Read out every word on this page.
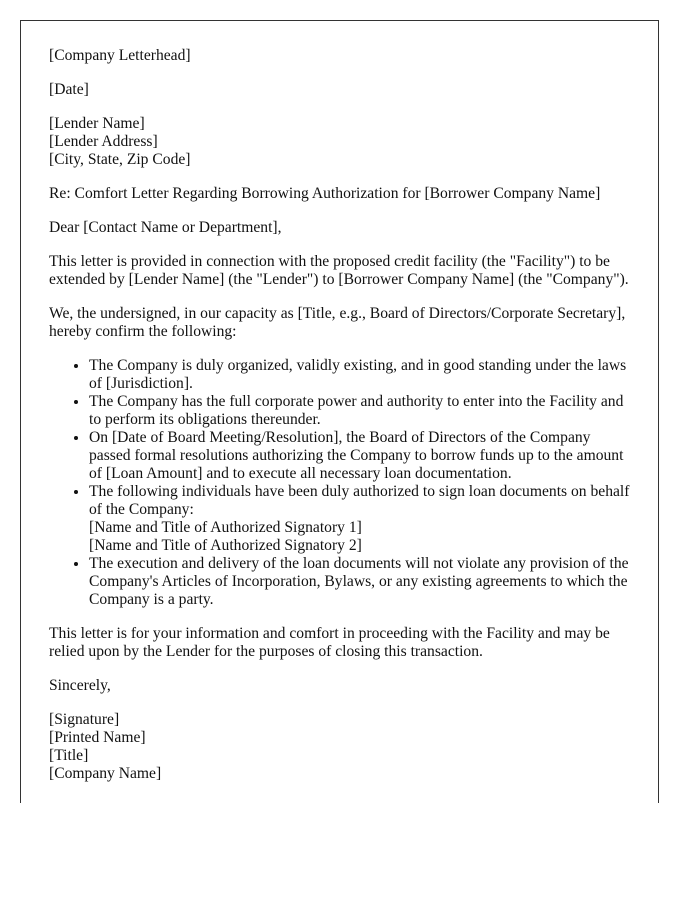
[Company Letterhead]

[Date]

[Lender Name]
[Lender Address]
[City, State, Zip Code]

Re: Comfort Letter Regarding Borrowing Authorization for [Borrower Company Name]

Dear [Contact Name or Department],

This letter is provided in connection with the proposed credit facility (the "Facility") to be extended by [Lender Name] (the "Lender") to [Borrower Company Name] (the "Company").

We, the undersigned, in our capacity as [Title, e.g., Board of Directors/Corporate Secretary], hereby confirm the following:

• The Company is duly organized, validly existing, and in good standing under the laws of [Jurisdiction].
• The Company has the full corporate power and authority to enter into the Facility and to perform its obligations thereunder.
• On [Date of Board Meeting/Resolution], the Board of Directors of the Company passed formal resolutions authorizing the Company to borrow funds up to the amount of [Loan Amount] and to execute all necessary loan documentation.
• The following individuals have been duly authorized to sign loan documents on behalf of the Company:
[Name and Title of Authorized Signatory 1]
[Name and Title of Authorized Signatory 2]
• The execution and delivery of the loan documents will not violate any provision of the Company's Articles of Incorporation, Bylaws, or any existing agreements to which the Company is a party.

This letter is for your information and comfort in proceeding with the Facility and may be relied upon by the Lender for the purposes of closing this transaction.

Sincerely,

[Signature]
[Printed Name]
[Title]
[Company Name]
